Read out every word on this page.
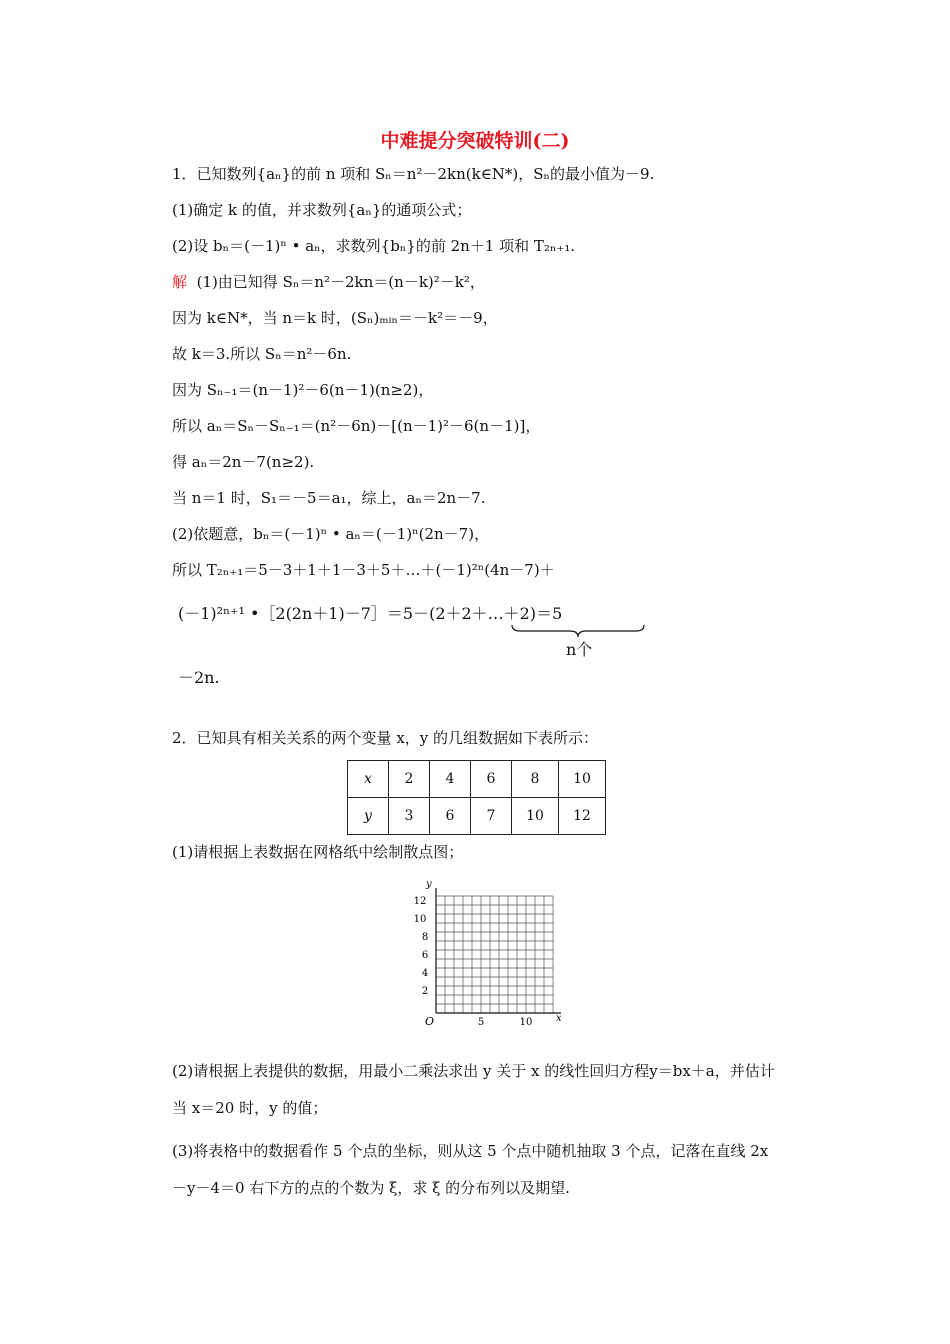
中难提分突破特训(二)
1．已知数列{aₙ}的前 n 项和 Sₙ＝n²－2kn(k∈N*)，Sₙ的最小值为－9.
(1)确定 k 的值，并求数列{aₙ}的通项公式；
(2)设 bₙ＝(－1)ⁿ • aₙ，求数列{bₙ}的前 2n＋1 项和 T₂ₙ₊₁.
解 (1)由已知得 Sₙ＝n²－2kn＝(n－k)²－k²，
因为 k∈N*，当 n＝k 时，(Sₙ)ₘᵢₙ＝－k²＝－9，
故 k＝3.所以 Sₙ＝n²－6n.
因为 Sₙ₋₁＝(n－1)²－6(n－1)(n≥2)，
所以 aₙ＝Sₙ－Sₙ₋₁＝(n²－6n)－[(n－1)²－6(n－1)]，
得 aₙ＝2n－7(n≥2).
当 n＝1 时，S₁＝－5＝a₁，综上，aₙ＝2n－7.
(2)依题意，bₙ＝(－1)ⁿ • aₙ＝(－1)ⁿ(2n－7)，
所以 T₂ₙ₊₁＝5－3＋1＋1－3＋5＋…＋(－1)²ⁿ(4n－7)＋
(－1)²ⁿ⁺¹ •［2(2n＋1)－7］＝5－(2＋2＋…＋2)＝5
n个
－2n.
2．已知具有相关关系的两个变量 x，y 的几组数据如下表所示：
x	2	4	6	8	10
y	3	6	7	10	12
(1)请根据上表数据在网格纸中绘制散点图；
y
x
O
12
10
8
6
4
2
5	10
(2)请根据上表提供的数据，用最小二乘法求出 y 关于 x 的线性回归方程y＝bx＋a，并估计
当 x＝20 时，y 的值；
(3)将表格中的数据看作 5 个点的坐标，则从这 5 个点中随机抽取 3 个点，记落在直线 2x
－y－4＝0 右下方的点的个数为 ξ，求 ξ 的分布列以及期望.
